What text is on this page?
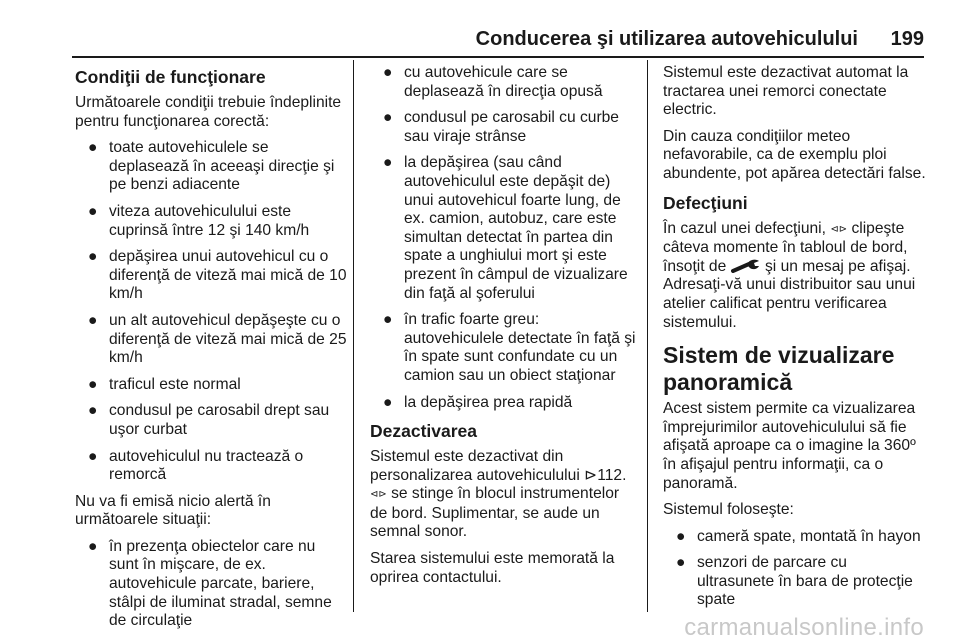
Conducerea şi utilizarea autovehiculului 199
Condiţii de funcţionare

Următoarele condiţii trebuie îndeplinite pentru funcţionarea corectă:

● toate autovehiculele se deplasează în aceeaşi direcţie şi pe benzi adiacente
● viteza autovehiculului este cuprinsă între 12 şi 140 km/h
● depăşirea unui autovehicul cu o diferenţă de viteză mai mică de 10 km/h
● un alt autovehicul depăşeşte cu o diferenţă de viteză mai mică de 25 km/h
● traficul este normal
● condusul pe carosabil drept sau uşor curbat
● autovehiculul nu tractează o remorcă

Nu va fi emisă nicio alertă în următoarele situaţii:

● în prezenţa obiectelor care nu sunt în mişcare, de ex. autovehicule parcate, bariere, stâlpi de iluminat stradal, semne de circulaţie
● cu autovehicule care se deplasează în direcţia opusă
● condusul pe carosabil cu curbe sau viraje strânse
● la depăşirea (sau când autovehiculul este depăşit de) unui autovehicul foarte lung, de ex. camion, autobuz, care este simultan detectat în partea din spate a unghiului mort şi este prezent în câmpul de vizualizare din faţă al şoferului
● în trafic foarte greu: autovehiculele detectate în faţă şi în spate sunt confundate cu un camion sau un obiect staţionar
● la depăşirea prea rapidă
Dezactivarea

Sistemul este dezactivat din personalizarea autovehiculului ⊳112. ⊲⊳ se stinge în blocul instrumentelor de bord. Suplimentar, se aude un semnal sonor.

Starea sistemului este memorată la oprirea contactului.

Sistemul este dezactivat automat la tractarea unei remorci conectate electric.

Din cauza condiţiilor meteo nefavorabile, ca de exemplu ploi abundente, pot apărea detectări false.

Defecţiuni

În cazul unei defecţiuni, ⊲⊳ clipeşte câteva momente în tabloul de bord, însoţit de şi un mesaj pe afişaj. Adresaţi-vă unui distribuitor sau unui atelier calificat pentru verificarea sistemului.

Sistem de vizualizare panoramică

Acest sistem permite ca vizualizarea împrejurimilor autovehiculului să fie afişată aproape ca o imagine la 360º în afişajul pentru informaţii, ca o panoramă.

Sistemul foloseşte:

● cameră spate, montată în hayon
● senzori de parcare cu ultrasunete în bara de protecţie spate
carmanualsonline.info
